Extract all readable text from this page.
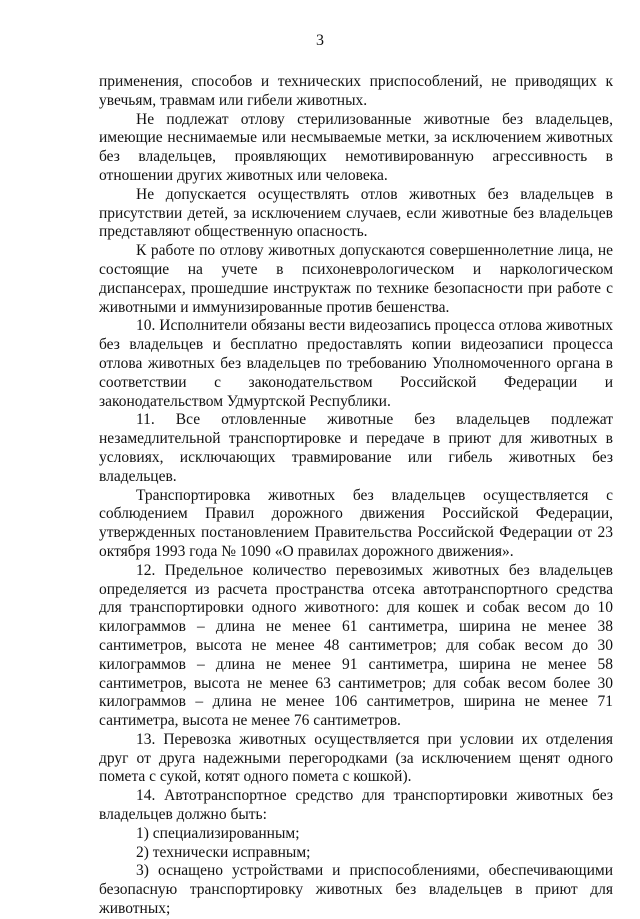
3

применения, способов и технических приспособлений, не приводящих к увечьям, травмам или гибели животных.

Не подлежат отлову стерилизованные животные без владельцев, имеющие неснимаемые или несмываемые метки, за исключением животных без владельцев, проявляющих немотивированную агрессивность в отношении других животных или человека.

Не допускается осуществлять отлов животных без владельцев в присутствии детей, за исключением случаев, если животные без владельцев представляют общественную опасность.

К работе по отлову животных допускаются совершеннолетние лица, не состоящие на учете в психоневрологическом и наркологическом диспансерах, прошедшие инструктаж по технике безопасности при работе с животными и иммунизированные против бешенства.

10. Исполнители обязаны вести видеозапись процесса отлова животных без владельцев и бесплатно предоставлять копии видеозаписи процесса отлова животных без владельцев по требованию Уполномоченного органа в соответствии с законодательством Российской Федерации и законодательством Удмуртской Республики.

11. Все отловленные животные без владельцев подлежат незамедлительной транспортировке и передаче в приют для животных в условиях, исключающих травмирование или гибель животных без владельцев.

Транспортировка животных без владельцев осуществляется с соблюдением Правил дорожного движения Российской Федерации, утвержденных постановлением Правительства Российской Федерации от 23 октября 1993 года № 1090 «О правилах дорожного движения».

12. Предельное количество перевозимых животных без владельцев определяется из расчета пространства отсека автотранспортного средства для транспортировки одного животного: для кошек и собак весом до 10 килограммов – длина не менее 61 сантиметра, ширина не менее 38 сантиметров, высота не менее 48 сантиметров; для собак весом до 30 килограммов – длина не менее 91 сантиметра, ширина не менее 58 сантиметров, высота не менее 63 сантиметров; для собак весом более 30 килограммов – длина не менее 106 сантиметров, ширина не менее 71 сантиметра, высота не менее 76 сантиметров.

13. Перевозка животных осуществляется при условии их отделения друг от друга надежными перегородками (за исключением щенят одного помета с сукой, котят одного помета с кошкой).

14. Автотранспортное средство для транспортировки животных без владельцев должно быть:

1) специализированным;

2) технически исправным;

3) оснащено устройствами и приспособлениями, обеспечивающими безопасную транспортировку животных без владельцев в приют для животных;
